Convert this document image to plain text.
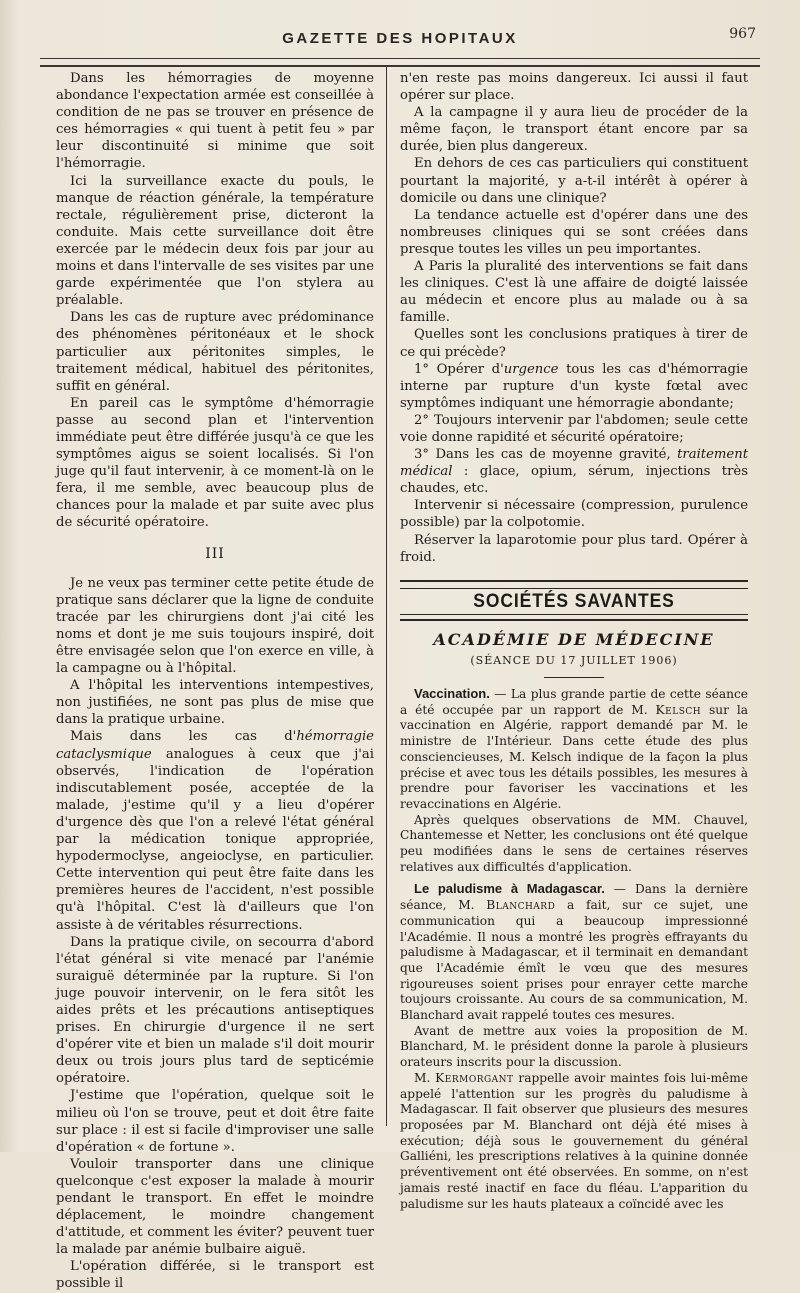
GAZETTE DES HOPITAUX	967

Dans les hémorragies de moyenne abondance l'expectation armée est conseillée à condition de ne pas se trouver en présence de ces hémorragies « qui tuent à petit feu » par leur discontinuité si minime que soit l'hémorragie.

Ici la surveillance exacte du pouls, le manque de réaction générale, la température rectale, régulièrement prise, dicteront la conduite. Mais cette surveillance doit être exercée par le médecin deux fois par jour au moins et dans l'intervalle de ses visites par une garde expérimentée que l'on stylera au préalable.

Dans les cas de rupture avec prédominance des phénomènes péritonéaux et le shock particulier aux péritonites simples, le traitement médical, habituel des péritonites, suffit en général.

En pareil cas le symptôme d'hémorragie passe au second plan et l'intervention immédiate peut être différée jusqu'à ce que les symptômes aigus se soient localisés. Si l'on juge qu'il faut intervenir, à ce moment-là on le fera, il me semble, avec beaucoup plus de chances pour la malade et par suite avec plus de sécurité opératoire.

III

Je ne veux pas terminer cette petite étude de pratique sans déclarer que la ligne de conduite tracée par les chirurgiens dont j'ai cité les noms et dont je me suis toujours inspiré, doit être envisagée selon que l'on exerce en ville, à la campagne ou à l'hôpital.

A l'hôpital les interventions intempestives, non justifiées, ne sont pas plus de mise que dans la pratique urbaine.

Mais dans les cas d'hémorragie cataclysmique analogues à ceux que j'ai observés, l'indication de l'opération indiscutablement posée, acceptée de la malade, j'estime qu'il y a lieu d'opérer d'urgence dès que l'on a relevé l'état général par la médication tonique appropriée, hypodermoclyse, angeioclyse, en particulier. Cette intervention qui peut être faite dans les premières heures de l'accident, n'est possible qu'à l'hôpital. C'est là d'ailleurs que l'on assiste à de véritables résurrections.

Dans la pratique civile, on secourra d'abord l'état général si vite menacé par l'anémie suraiguë déterminée par la rupture. Si l'on juge pouvoir intervenir, on le fera sitôt les aides prêts et les précautions antiseptiques prises. En chirurgie d'urgence il ne sert d'opérer vite et bien un malade s'il doit mourir deux ou trois jours plus tard de septicémie opératoire.

J'estime que l'opération, quelque soit le milieu où l'on se trouve, peut et doit être faite sur place : il est si facile d'improviser une salle d'opération « de fortune ».

Vouloir transporter dans une clinique quelconque c'est exposer la malade à mourir pendant le transport. En effet le moindre déplacement, le moindre changement d'attitude, et comment les éviter? peuvent tuer la malade par anémie bulbaire aiguë.

L'opération différée, si le transport est possible il

n'en reste pas moins dangereux. Ici aussi il faut opérer sur place.

A la campagne il y aura lieu de procéder de la même façon, le transport étant encore par sa durée, bien plus dangereux.

En dehors de ces cas particuliers qui constituent pourtant la majorité, y a-t-il intérêt à opérer à domicile ou dans une clinique?

La tendance actuelle est d'opérer dans une des nombreuses cliniques qui se sont créées dans presque toutes les villes un peu importantes.

A Paris la pluralité des interventions se fait dans les cliniques. C'est là une affaire de doigté laissée au médecin et encore plus au malade ou à sa famille.

Quelles sont les conclusions pratiques à tirer de ce qui précède?

1° Opérer d'urgence tous les cas d'hémorragie interne par rupture d'un kyste fœtal avec symptômes indiquant une hémorragie abondante;

2° Toujours intervenir par l'abdomen; seule cette voie donne rapidité et sécurité opératoire;

3° Dans les cas de moyenne gravité, traitement médical : glace, opium, sérum, injections très chaudes, etc.

Intervenir si nécessaire (compression, purulence possible) par la colpotomie.

Réserver la laparotomie pour plus tard. Opérer à froid.

SOCIÉTÉS SAVANTES
ACADÉMIE DE MÉDECINE
(SÉANCE DU 17 JUILLET 1906)

Vaccination. — La plus grande partie de cette séance a été occupée par un rapport de M. Kelsch sur la vaccination en Algérie, rapport demandé par M. le ministre de l'Intérieur. Dans cette étude des plus consciencieuses, M. Kelsch indique de la façon la plus précise et avec tous les détails possibles, les mesures à prendre pour favoriser les vaccinations et les revaccinations en Algérie.

Après quelques observations de MM. Chauvel, Chantemesse et Netter, les conclusions ont été quelque peu modifiées dans le sens de certaines réserves relatives aux difficultés d'application.

Le paludisme à Madagascar. — Dans la dernière séance, M. Blanchard a fait, sur ce sujet, une communication qui a beaucoup impressionné l'Académie. Il nous a montré les progrès effrayants du paludisme à Madagascar, et il terminait en demandant que l'Académie émît le vœu que des mesures rigoureuses soient prises pour enrayer cette marche toujours croissante. Au cours de sa communication, M. Blanchard avait rappelé toutes ces mesures.

Avant de mettre aux voies la proposition de M. Blanchard, M. le président donne la parole à plusieurs orateurs inscrits pour la discussion.

M. Kermorgant rappelle avoir maintes fois lui-même appelé l'attention sur les progrès du paludisme à Madagascar. Il fait observer que plusieurs des mesures proposées par M. Blanchard ont déjà été mises à exécution; déjà sous le gouvernement du général Galliéni, les prescriptions relatives à la quinine donnée préventivement ont été observées. En somme, on n'est jamais resté inactif en face du fléau. L'apparition du paludisme sur les hauts plateaux a coïncidé avec les
